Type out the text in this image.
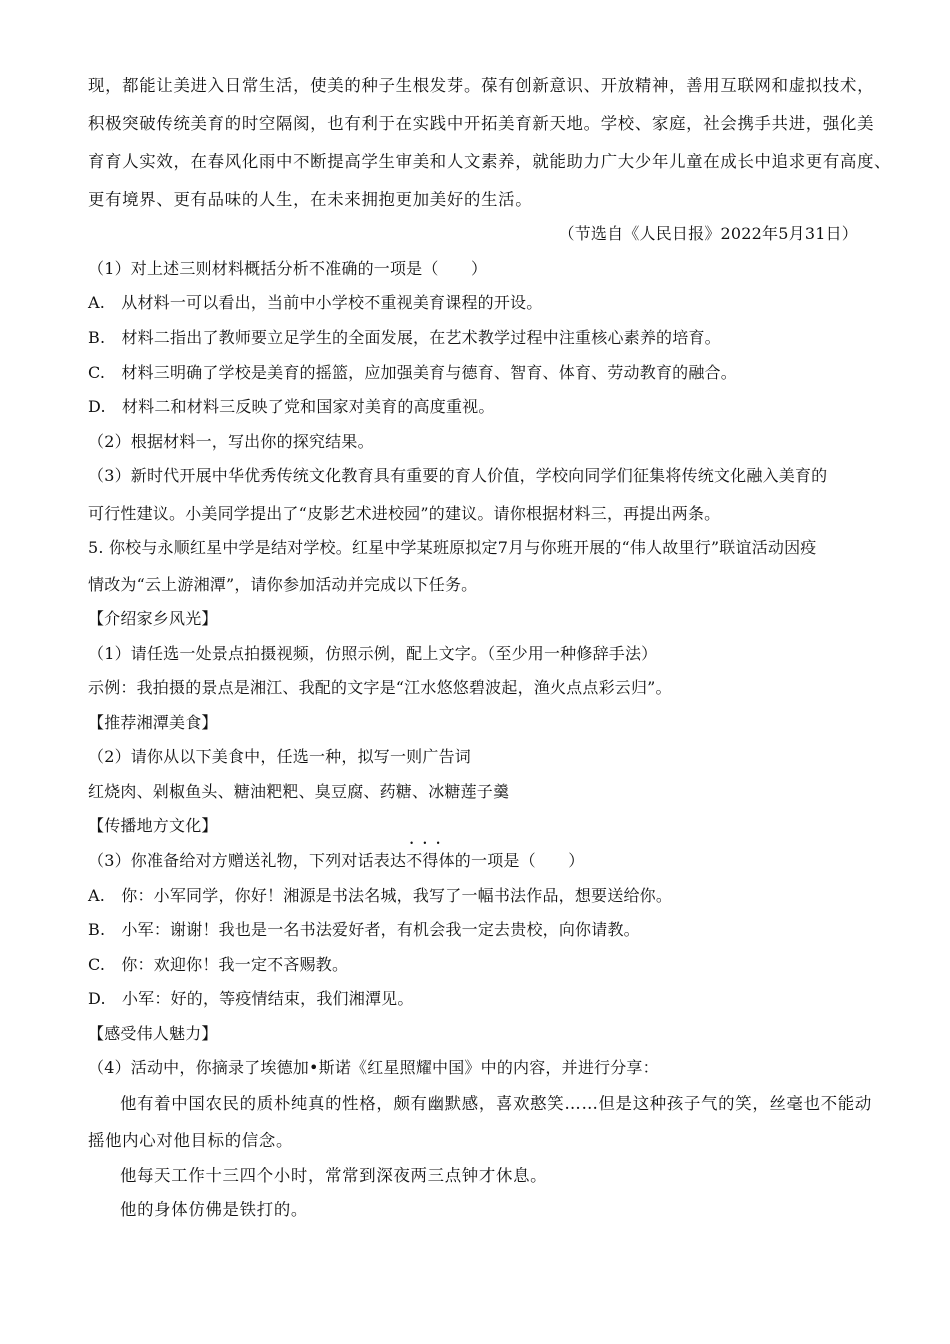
现，都能让美进入日常生活，使美的种子生根发芽。葆有创新意识、开放精神，善用互联网和虚拟技术，
积极突破传统美育的时空隔阂，也有利于在实践中开拓美育新天地。学校、家庭，社会携手共进，强化美
育育人实效，在春风化雨中不断提高学生审美和人文素养，就能助力广大少年儿童在成长中追求更有高度、
更有境界、更有品味的人生，在未来拥抱更加美好的生活。
（节选自《人民日报》2022年5月31日）
（1）对上述三则材料概括分析不准确的一项是（　　）
A.　从材料一可以看出，当前中小学校不重视美育课程的开设。
B.　材料二指出了教师要立足学生的全面发展，在艺术教学过程中注重核心素养的培育。
C.　材料三明确了学校是美育的摇篮，应加强美育与德育、智育、体育、劳动教育的融合。
D.　材料二和材料三反映了党和国家对美育的高度重视。
（2）根据材料一，写出你的探究结果。
（3）新时代开展中华优秀传统文化教育具有重要的育人价值，学校向同学们征集将传统文化融入美育的
可行性建议。小美同学提出了“皮影艺术进校园”的建议。请你根据材料三，再提出两条。
5. 你校与永顺红星中学是结对学校。红星中学某班原拟定7月与你班开展的“伟人故里行”联谊活动因疫
情改为“云上游湘潭”，请你参加活动并完成以下任务。
【介绍家乡风光】
（1）请任选一处景点拍摄视频，仿照示例，配上文字。（至少用一种修辞手法）
示例：我拍摄的景点是湘江、我配的文字是“江水悠悠碧波起，渔火点点彩云归”。
【推荐湘潭美食】
（2）请你从以下美食中，任选一种，拟写一则广告词
红烧肉、剁椒鱼头、糖油粑粑、臭豆腐、药糖、冰糖莲子羹
【传播地方文化】
（3）你准备给对方赠送礼物，下列对话表达• • • 不得体的一项是（　　）
A.　你：小军同学，你好！湘源是书法名城，我写了一幅书法作品，想要送给你。
B.　小军：谢谢！我也是一名书法爱好者，有机会我一定去贵校，向你请教。
C.　你：欢迎你！我一定不吝赐教。
D.　小军：好的，等疫情结束，我们湘潭见。
【感受伟人魅力】
（4）活动中，你摘录了埃德加•斯诺《红星照耀中国》中的内容，并进行分享：
他有着中国农民的质朴纯真的性格，颇有幽默感，喜欢憨笑……但是这种孩子气的笑，丝毫也不能动
摇他内心对他目标的信念。
他每天工作十三四个小时，常常到深夜两三点钟才休息。
他的身体仿佛是铁打的。
